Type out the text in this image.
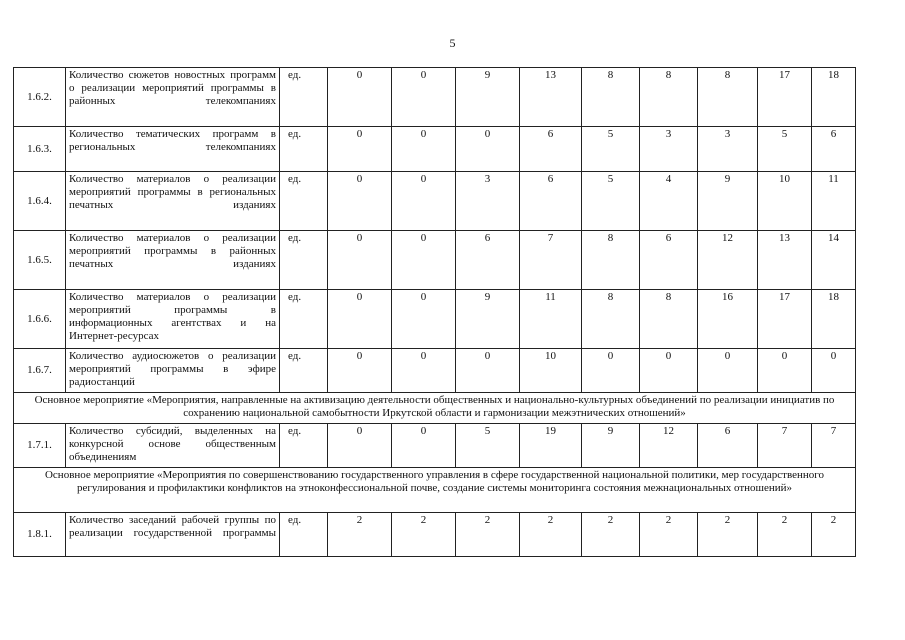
5
1.6.2.	Количество сюжетов новостных программ о реализации мероприятий программы в районных телекомпаниях	ед.	0	0	9	13	8	8	8	17	18
1.6.3.	Количество тематических программ в региональных телекомпаниях	ед.	0	0	0	6	5	3	3	5	6
1.6.4.	Количество материалов о реализации мероприятий программы в региональных печатных изданиях	ед.	0	0	3	6	5	4	9	10	11
1.6.5.	Количество материалов о реализации мероприятий программы в районных печатных изданиях	ед.	0	0	6	7	8	6	12	13	14
1.6.6.	Количество материалов о реализации мероприятий программы в информационных агентствах и на Интернет-ресурсах	ед.	0	0	9	11	8	8	16	17	18
1.6.7.	Количество аудиосюжетов о реализации мероприятий программы в эфире радиостанций	ед.	0	0	0	10	0	0	0	0	0
Основное мероприятие «Мероприятия, направленные на активизацию деятельности общественных и национально-культурных объединений по реализации инициатив по сохранению национальной самобытности Иркутской области и гармонизации межэтнических отношений»											
1.7.1.	Количество субсидий, выделенных на конкурсной основе общественным объединениям	ед.	0	0	5	19	9	12	6	7	7
Основное мероприятие «Мероприятия по совершенствованию государственного управления в сфере государственной национальной политики, мер государственного регулирования и профилактики конфликтов на этноконфессиональной почве, создание системы мониторинга состояния межнациональных отношений»											
1.8.1.	Количество заседаний рабочей группы по реализации государственной программы	ед.	2	2	2	2	2	2	2	2	2
